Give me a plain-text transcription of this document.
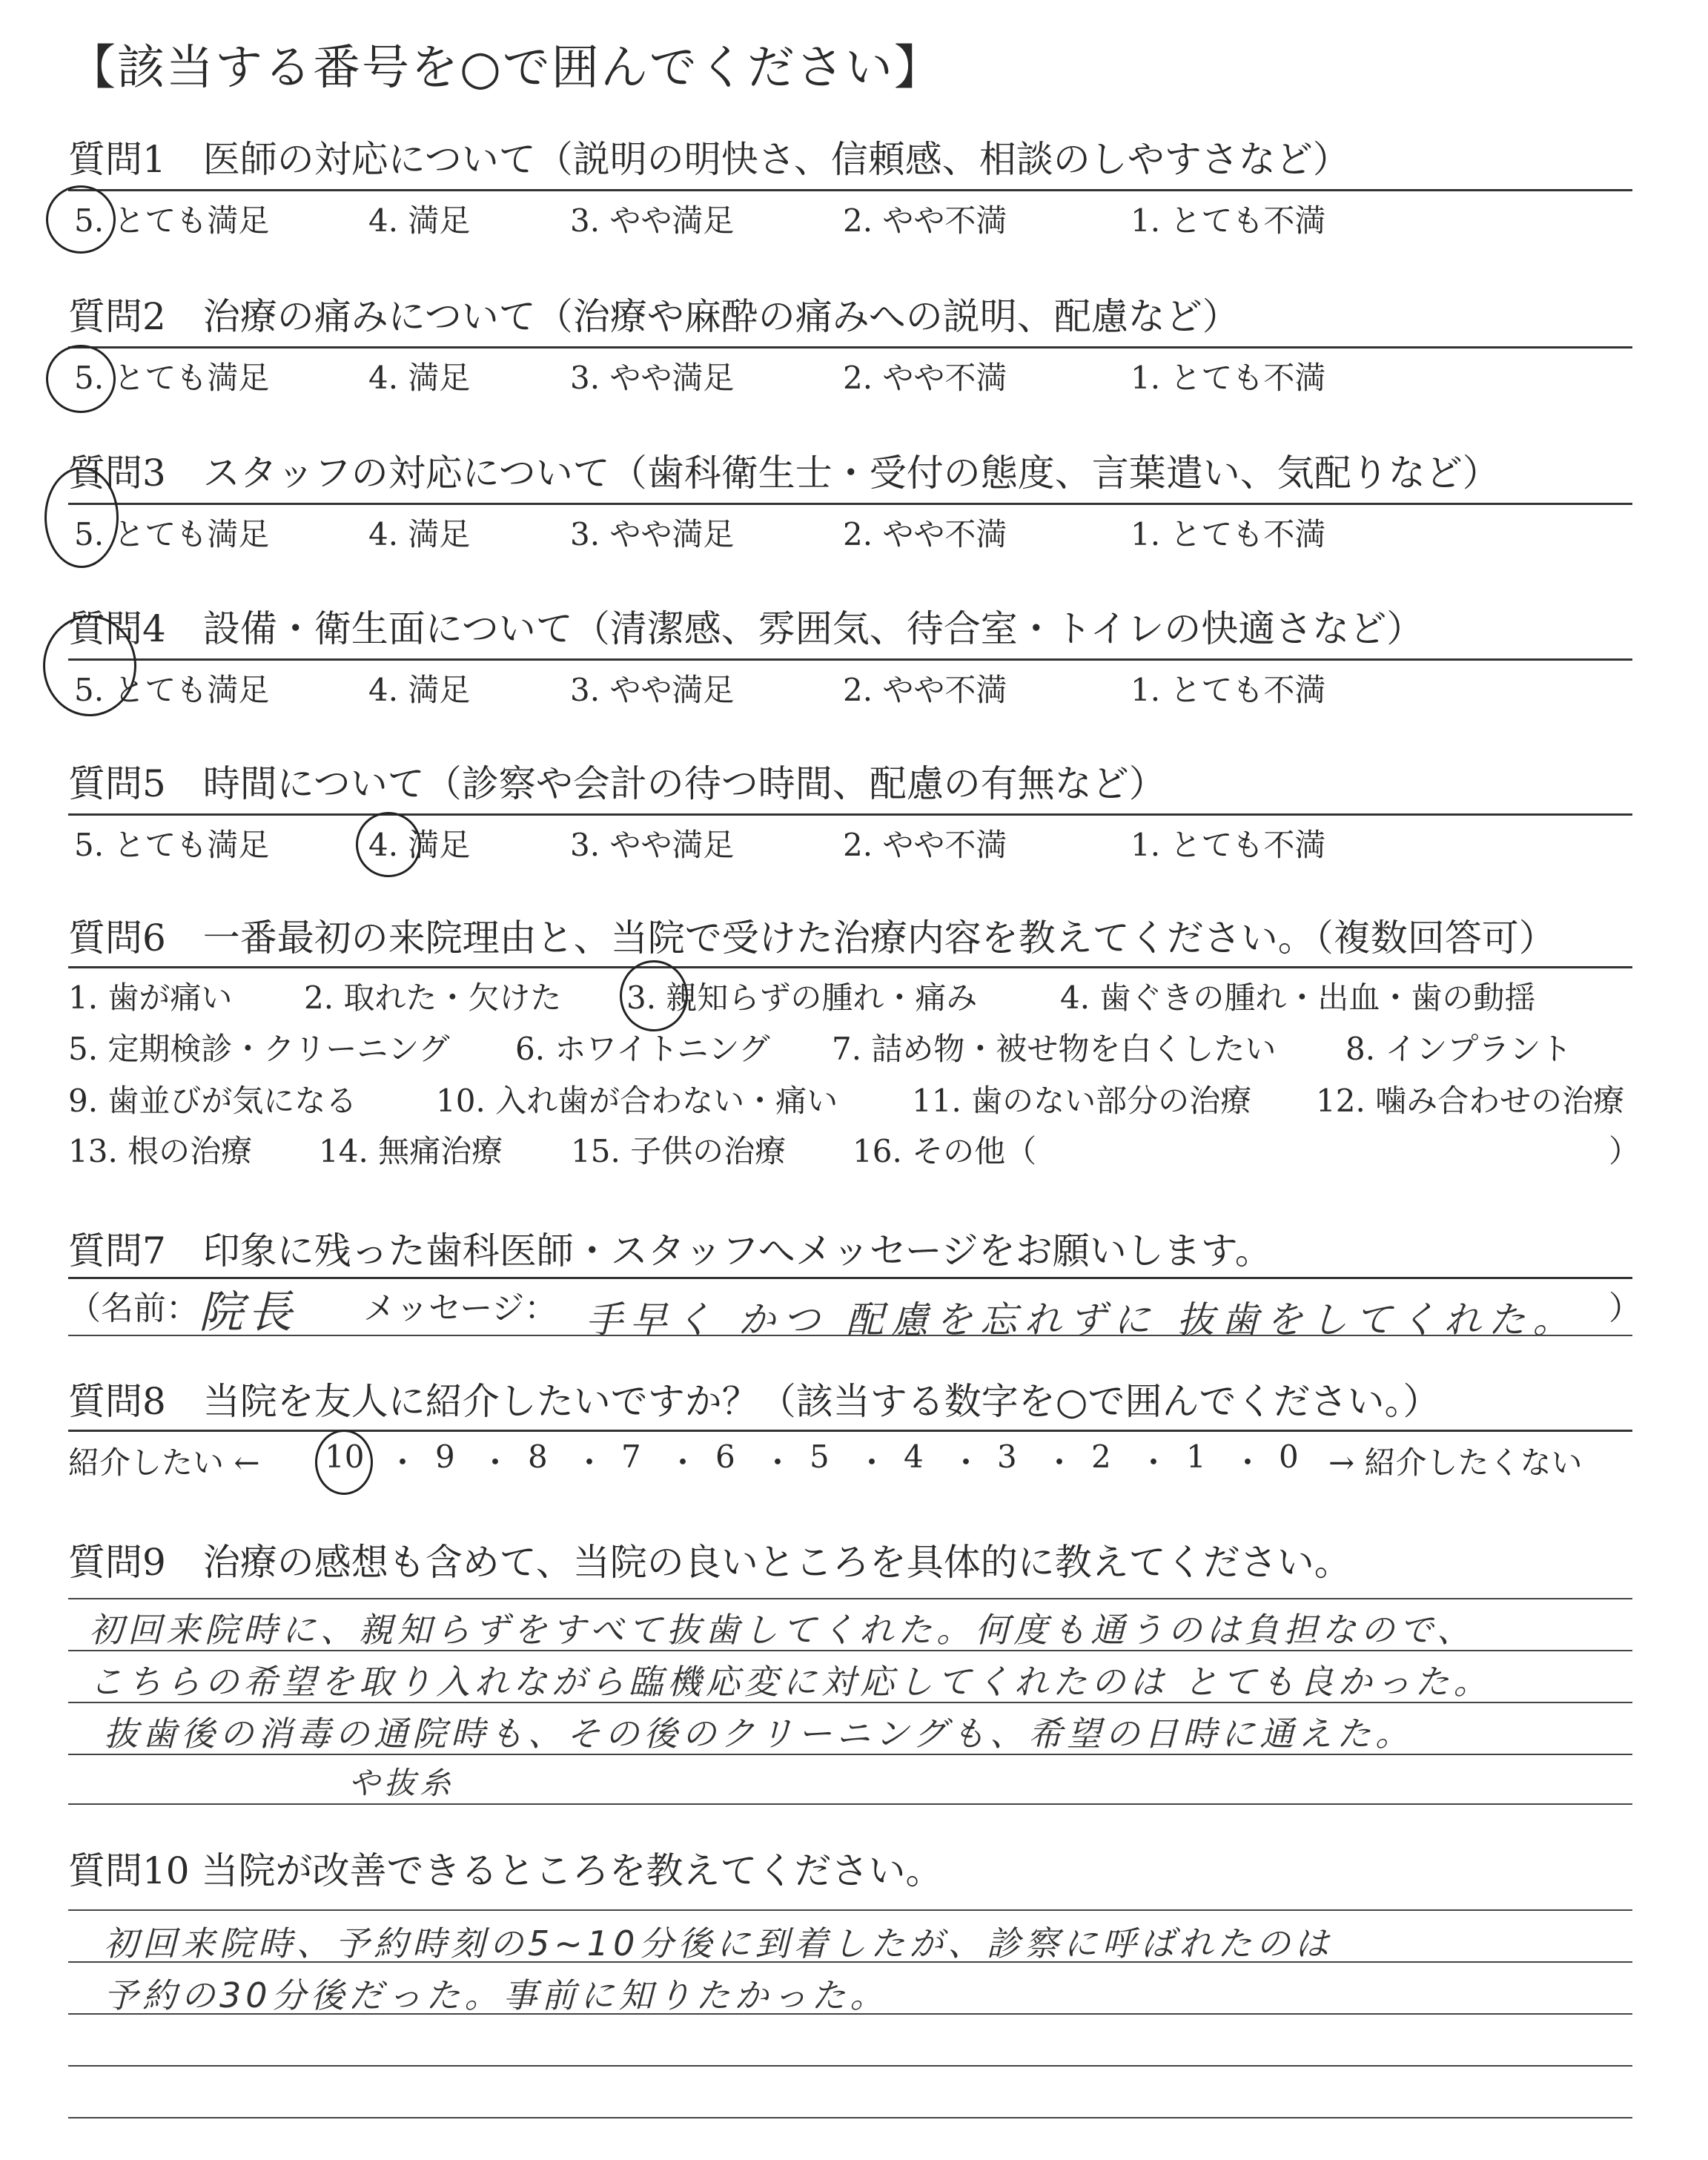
【該当する番号を○で囲んでください】
質問1　医師の対応について（説明の明快さ、信頼感、相談のしやすさなど）
5. とても満足	4. 満足	3. やや満足	2. やや不満	1. とても不満
質問2　治療の痛みについて（治療や麻酔の痛みへの説明、配慮など）
5. とても満足	4. 満足	3. やや満足	2. やや不満	1. とても不満
質問3　スタッフの対応について（歯科衛生士・受付の態度、言葉遣い、気配りなど）
5. とても満足	4. 満足	3. やや満足	2. やや不満	1. とても不満
質問4　設備・衛生面について（清潔感、雰囲気、待合室・トイレの快適さなど）
5. とても満足	4. 満足	3. やや満足	2. やや不満	1. とても不満
質問5　時間について（診察や会計の待つ時間、配慮の有無など）
5. とても満足	4. 満足	3. やや満足	2. やや不満	1. とても不満
質問6　一番最初の来院理由と、当院で受けた治療内容を教えてください。（複数回答可）
1. 歯が痛い 2. 取れた・欠けた 3. 親知らずの腫れ・痛み	4. 歯ぐきの腫れ・出血・歯の動揺
5. 定期検診・クリーニング 6. ホワイトニング 7. 詰め物・被せ物を白くしたい 8. インプラント
9. 歯並びが気になる	10. 入れ歯が合わない・痛い 11. 歯のない部分の治療 12. 噛み合わせの治療
13. 根の治療 14. 無痛治療 15. 子供の治療 16. その他（	）
質問7　印象に残った歯科医師・スタッフへメッセージをお願いします。
（名前： 院長 メッセージ： 手早く かつ 配慮を忘れずに 抜歯をしてくれた。 ）
質問8　当院を友人に紹介したいですか？（該当する数字を○で囲んでください。）
紹介したい ← 10 ・ 9 ・ 8 ・ 7 ・ 6 ・ 5 ・ 4 ・ 3 ・ 2 ・ 1 ・ 0 → 紹介したくない
質問9　治療の感想も含めて、当院の良いところを具体的に教えてください。
初回来院時に、親知らずをすべて抜歯してくれた。何度も通うのは負担なので、
こちらの希望を取り入れながら臨機応変に対応してくれたのは とても良かった。
抜歯後の消毒の通院時も、その後のクリーニングも、希望の日時に通えた。
や抜糸
質問10 当院が改善できるところを教えてください。
初回来院時、予約時刻の5~10分後に到着したが、診察に呼ばれたのは
予約の30分後だった。事前に知りたかった。
